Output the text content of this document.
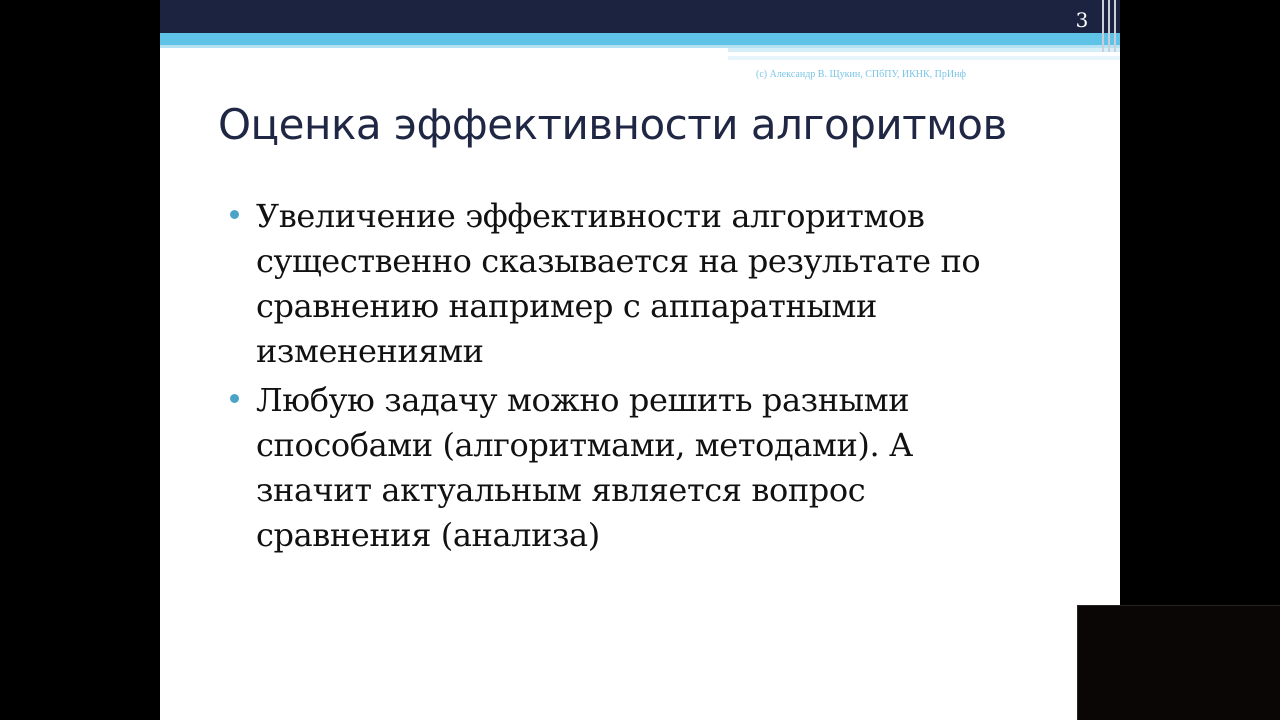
3
(c) Александр В. Щукин, СПбПУ, ИКНК, ПрИнф
Оценка эффективности алгоритмов
Увеличение эффективности алгоритмов
существенно сказывается на результате по
сравнению например с аппаратными
изменениями
Любую задачу можно решить разными
способами (алгоритмами, методами). А
значит актуальным является вопрос
сравнения (анализа)
